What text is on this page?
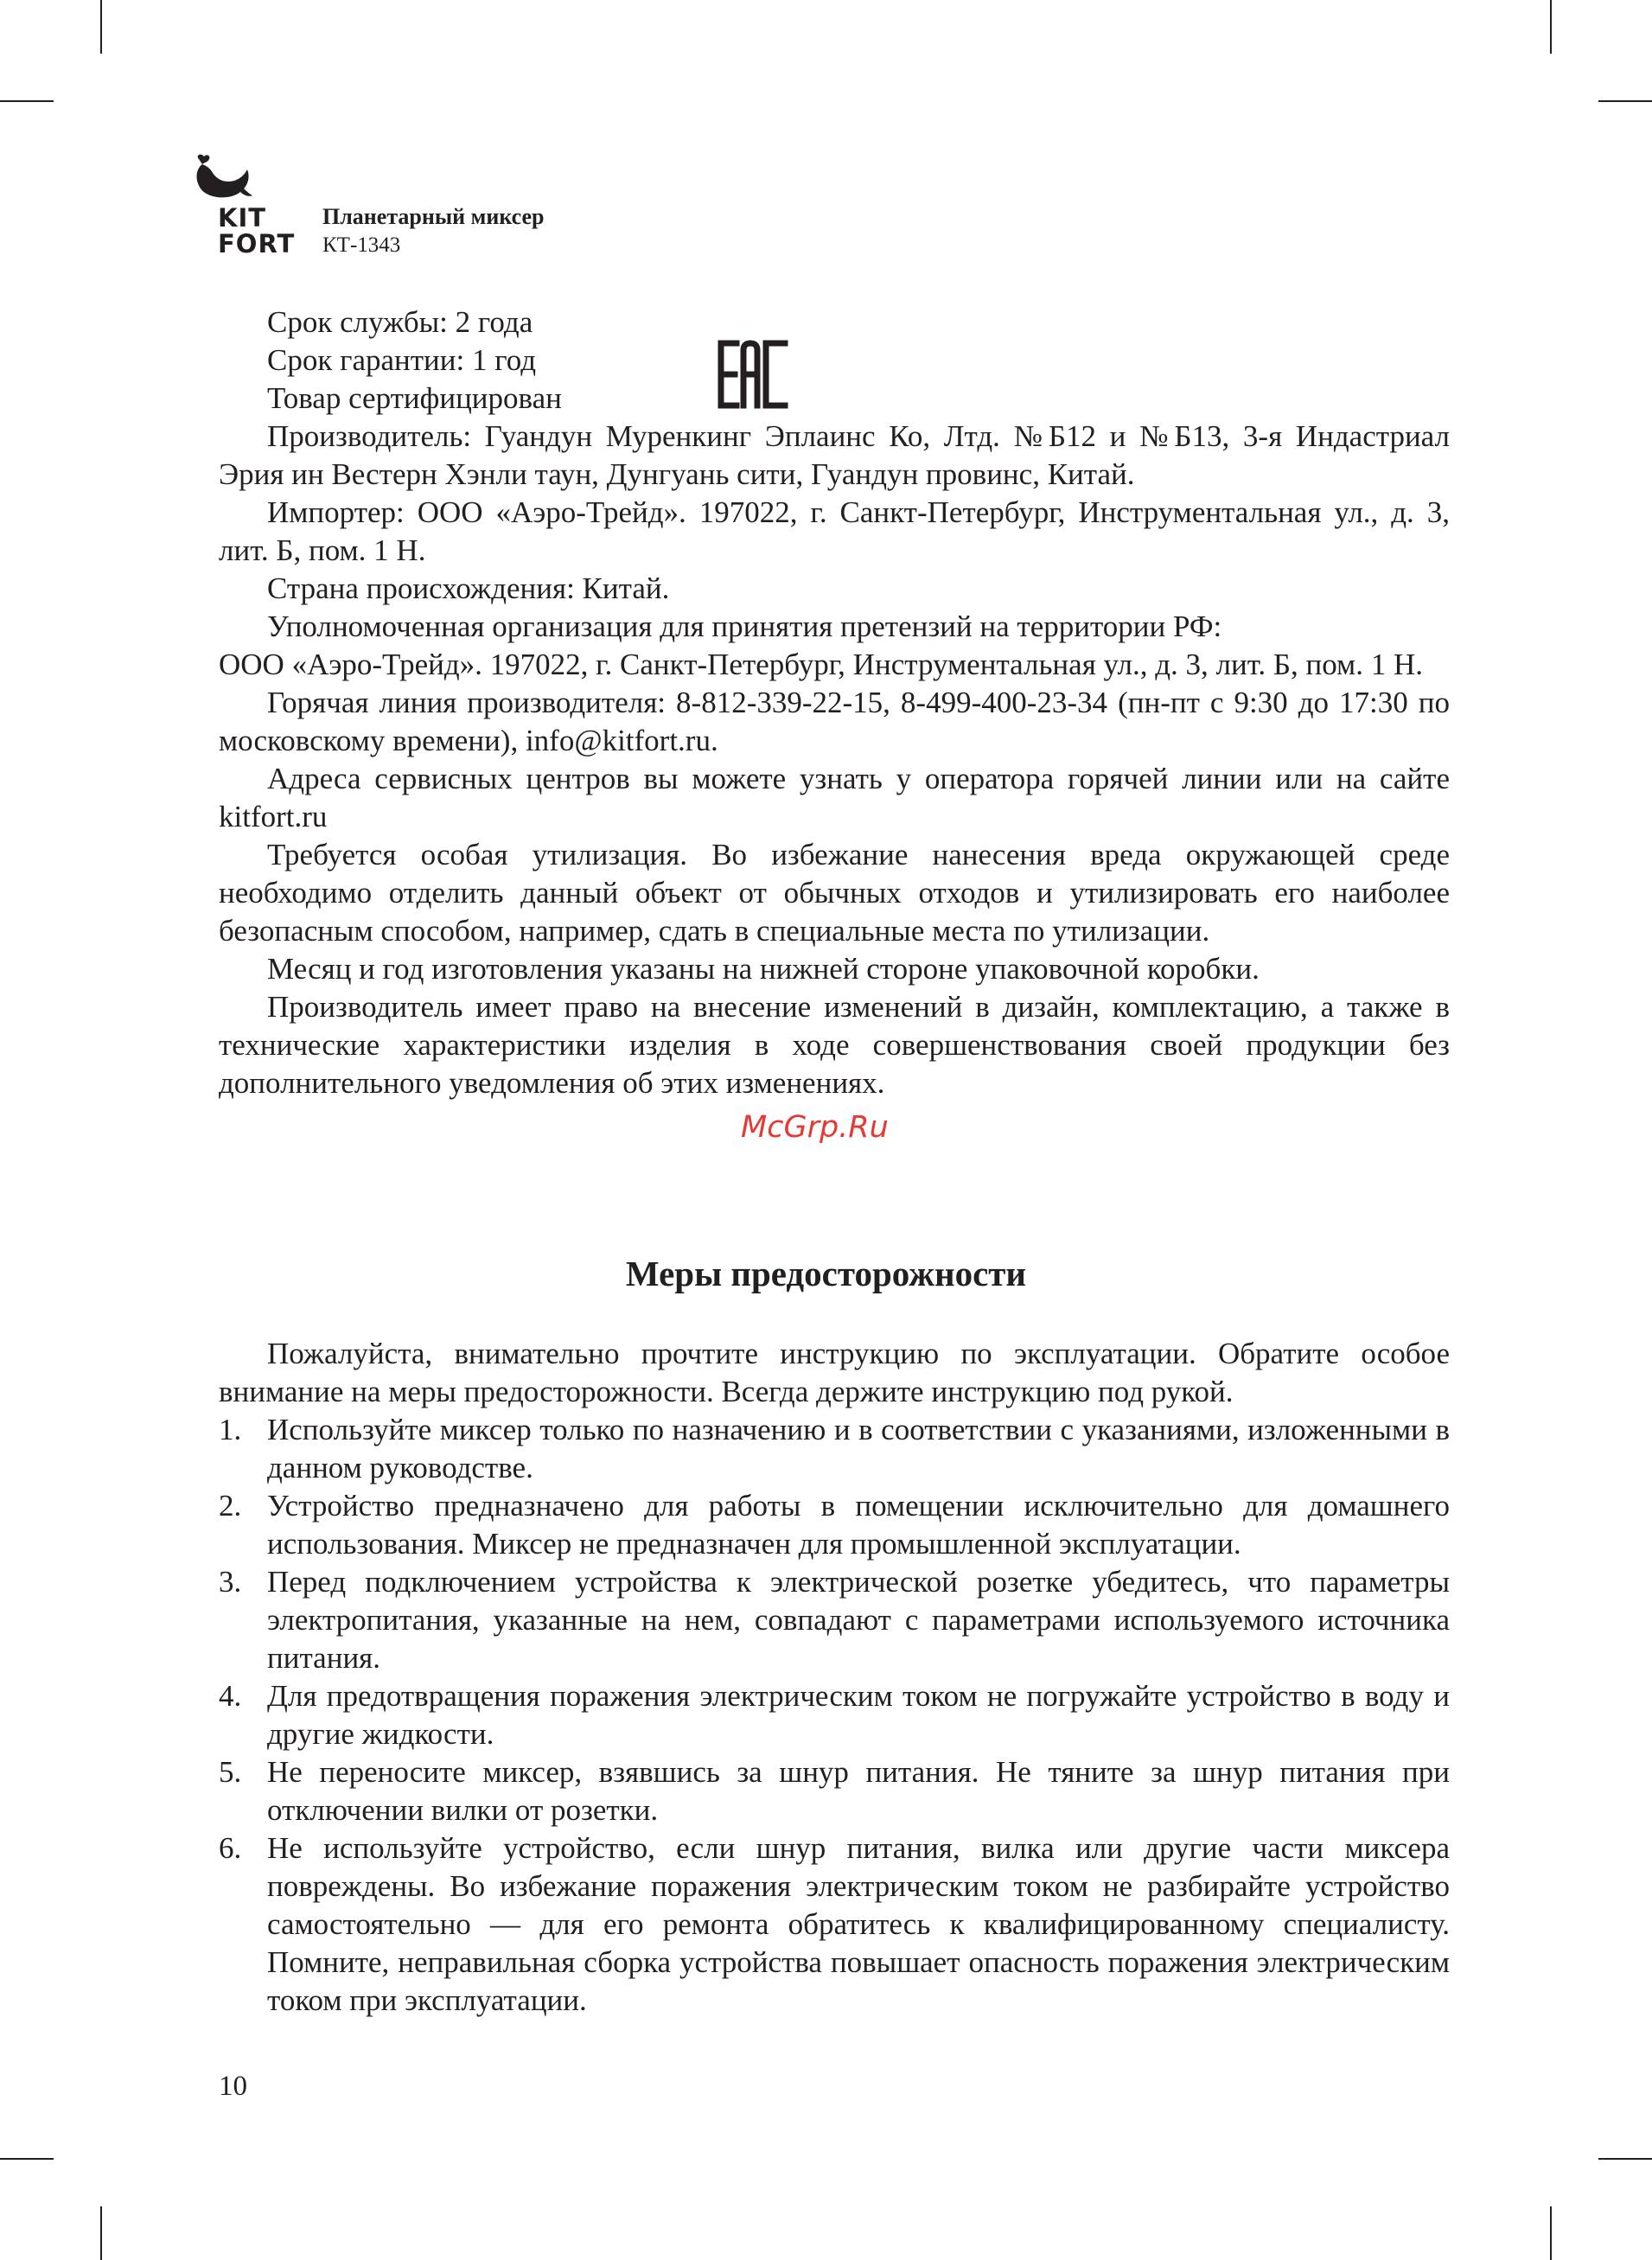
KIT
FORT
Планетарный миксер
КТ-1343

Срок службы: 2 года

Срок гарантии: 1 год

Товар сертифицирован

Производитель: Гуандун Муренкинг Эплаинс Ко, Лтд. №Б12 и №Б13, 3-я Индастриал Эрия ин Вестерн Хэнли таун, Дунгуань сити, Гуандун провинс, Китай.

Импортер: ООО «Аэро-Трейд». 197022, г. Санкт-Петербург, Инструментальная ул., д. 3, лит. Б, пом. 1 Н.

Страна происхождения: Китай.

Уполномоченная организация для принятия претензий на территории РФ:

ООО «Аэро-Трейд». 197022, г. Санкт-Петербург, Инструментальная ул., д. 3, лит. Б, пом. 1 Н.

Горячая линия производителя: 8-812-339-22-15, 8-499-400-23-34 (пн-пт с 9:30 до 17:30 по московскому времени), info@kitfort.ru.

Адреса сервисных центров вы можете узнать у оператора горячей линии или на сайте kitfort.ru

Требуется особая утилизация. Во избежание нанесения вреда окружающей среде необходимо отделить данный объект от обычных отходов и утилизировать его наиболее безопасным способом, например, сдать в специальные места по утилизации.

Месяц и год изготовления указаны на нижней стороне упаковочной коробки.

Производитель имеет право на внесение изменений в дизайн, комплектацию, а также в технические характеристики изделия в ходе совершенствования своей продукции без дополнительного уведомления об этих изменениях.

McGrp.Ru
Меры предосторожности

Пожалуйста, внимательно прочтите инструкцию по эксплуатации. Обратите особое внимание на меры предосторожности. Всегда держите инструкцию под рукой.

1. Используйте миксер только по назначению и в соответствии с указаниями, изложенными в данном руководстве.
2. Устройство предназначено для работы в помещении исключительно для домашнего использования. Миксер не предназначен для промышленной эксплуатации.
3. Перед подключением устройства к электрической розетке убедитесь, что параметры электропитания, указанные на нем, совпадают с параметрами используемого источника питания.
4. Для предотвращения поражения электрическим током не погружайте устройство в воду и другие жидкости.
5. Не переносите миксер, взявшись за шнур питания. Не тяните за шнур питания при отключении вилки от розетки.
6. Не используйте устройство, если шнур питания, вилка или другие части миксера повреждены. Во избежание поражения электрическим током не разбирайте устройство самостоятельно — для его ремонта обратитесь к квалифицированному специалисту. Помните, неправильная сборка устройства повышает опасность поражения электрическим током при эксплуатации.
10
